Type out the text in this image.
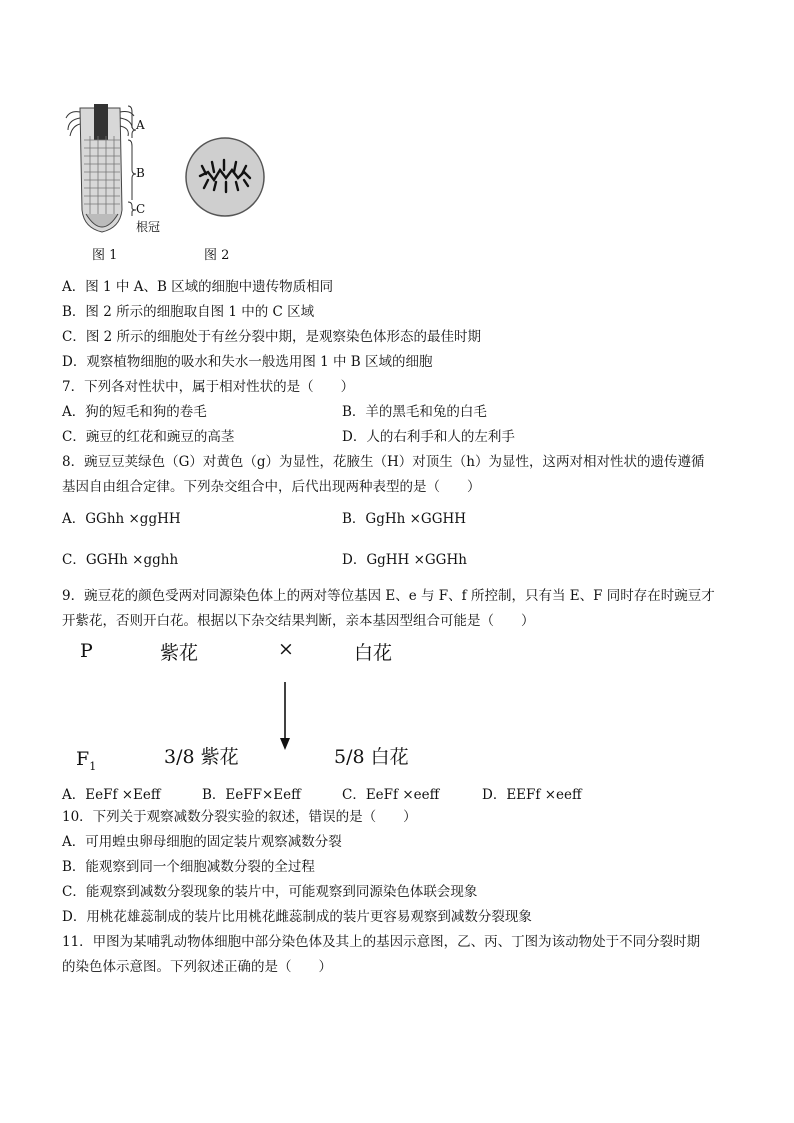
A
B
C
根冠
图 1	图 2
A．图 1 中 A、B 区域的细胞中遗传物质相同
B．图 2 所示的细胞取自图 1 中的 C 区域
C．图 2 所示的细胞处于有丝分裂中期，是观察染色体形态的最佳时期
D．观察植物细胞的吸水和失水一般选用图 1 中 B 区域的细胞
7．下列各对性状中，属于相对性状的是（　　）
A．狗的短毛和狗的卷毛	B．羊的黑毛和兔的白毛
C．豌豆的红花和豌豆的高茎	D．人的右利手和人的左利手
8．豌豆豆荚绿色（G）对黄色（g）为显性，花腋生（H）对顶生（h）为显性，这两对相对性状的遗传遵循
基因自由组合定律。下列杂交组合中，后代出现两种表型的是（　　）
A．GGhh ×ggHH	B．GgHh ×GGHH
C．GGHh ×gghh	D．GgHH ×GGHh
9．豌豆花的颜色受两对同源染色体上的两对等位基因 E、e 与 F、f 所控制，只有当 E、F 同时存在时豌豆才
开紫花，否则开白花。根据以下杂交结果判断，亲本基因型组合可能是（　　）
P	紫花	×	白花
$F_1$	3/8 紫花	5/8 白花
A．EeFf ×Eeff	B．EeFF×Eeff	C．EeFf ×eeff	D．EEFf ×eeff
10．下列关于观察减数分裂实验的叙述，错误的是（　　）
A．可用蝗虫卵母细胞的固定装片观察减数分裂
B．能观察到同一个细胞减数分裂的全过程
C．能观察到减数分裂现象的装片中，可能观察到同源染色体联会现象
D．用桃花雄蕊制成的装片比用桃花雌蕊制成的装片更容易观察到减数分裂现象
11．甲图为某哺乳动物体细胞中部分染色体及其上的基因示意图，乙、丙、丁图为该动物处于不同分裂时期
的染色体示意图。下列叙述正确的是（　　）
